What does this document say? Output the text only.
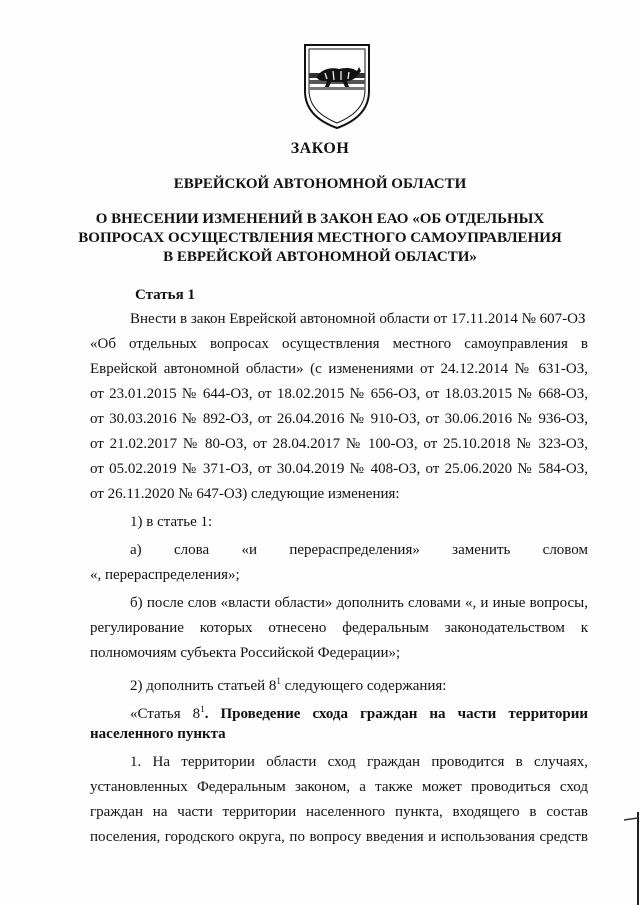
ЗАКОН
ЕВРЕЙСКОЙ АВТОНОМНОЙ ОБЛАСТИ
О ВНЕСЕНИИ ИЗМЕНЕНИЙ В ЗАКОН ЕАО «ОБ ОТДЕЛЬНЫХ
ВОПРОСАХ ОСУЩЕСТВЛЕНИЯ МЕСТНОГО САМОУПРАВЛЕНИЯ
В ЕВРЕЙСКОЙ АВТОНОМНОЙ ОБЛАСТИ»
Статья 1
Внести в закон Еврейской автономной области от 17.11.2014 № 607-ОЗ
«Об отдельных вопросах осуществления местного самоуправления в
Еврейской автономной области» (с изменениями от 24.12.2014 № 631-ОЗ,
от 23.01.2015 № 644-ОЗ, от 18.02.2015 № 656-ОЗ, от 18.03.2015 № 668-ОЗ,
от 30.03.2016 № 892-ОЗ, от 26.04.2016 № 910-ОЗ, от 30.06.2016 № 936-ОЗ,
от 21.02.2017 № 80-ОЗ, от 28.04.2017 № 100-ОЗ, от 25.10.2018 № 323-ОЗ,
от 05.02.2019 № 371-ОЗ, от 30.04.2019 № 408-ОЗ, от 25.06.2020 № 584-ОЗ,
от 26.11.2020 № 647-ОЗ) следующие изменения:
1) в статье 1:
а) слова «и перераспределения» заменить словом
«, перераспределения»;
б) после слов «власти области» дополнить словами «, и иные вопросы,
регулирование которых отнесено федеральным законодательством к
полномочиям субъекта Российской Федерации»;
2) дополнить статьей $8^1$ следующего содержания:
«Статья $8^1$. Проведение схода граждан на части территории
населенного пункта
1. На территории области сход граждан проводится в случаях,
установленных Федеральным законом, а также может проводиться сход
граждан на части территории населенного пункта, входящего в состав
поселения, городского округа, по вопросу введения и использования средств
